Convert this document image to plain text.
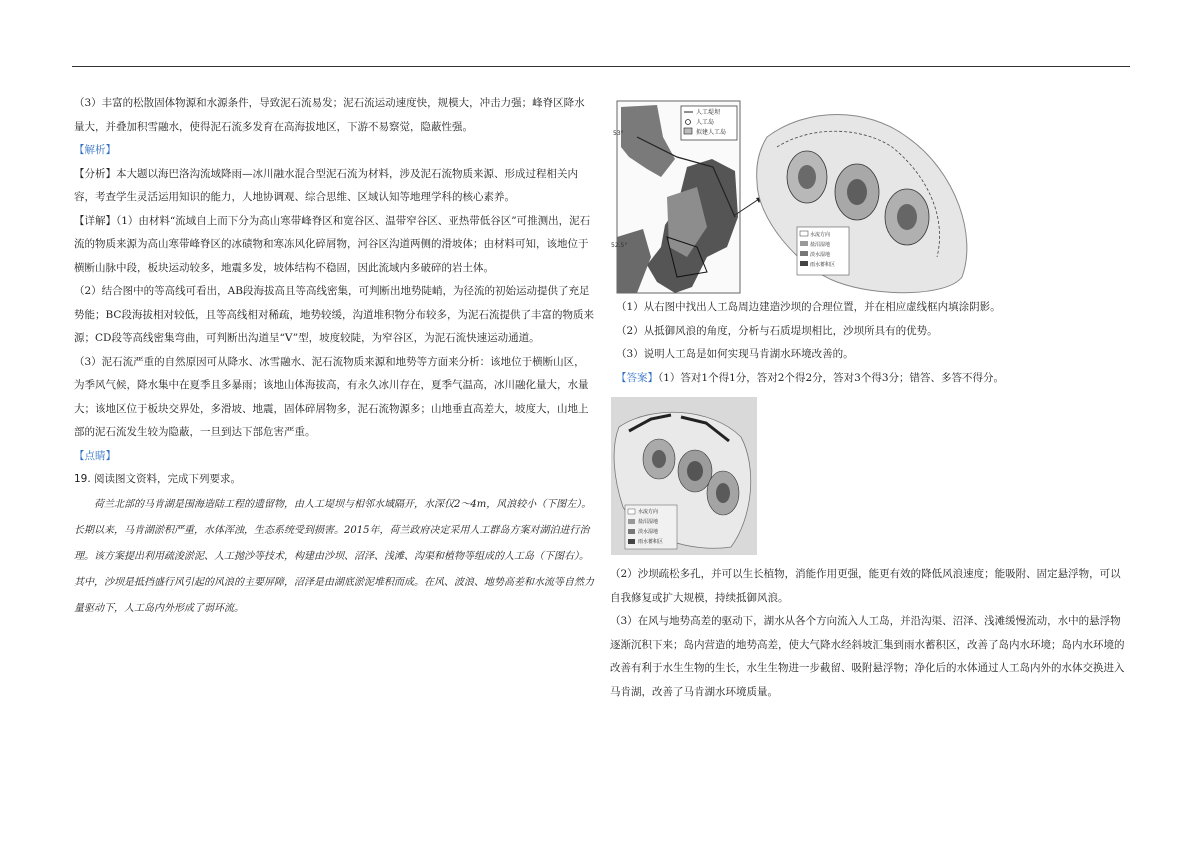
（3）丰富的松散固体物源和水源条件，导致泥石流易发；泥石流运动速度快，规模大，冲击力强；峰脊区降水量大，并叠加积雪融水，使得泥石流多发育在高海拔地区，下游不易察觉，隐蔽性强。

【解析】

【分析】本大题以海巴洛沟流域降雨—冰川融水混合型泥石流为材料，涉及泥石流物质来源、形成过程相关内容，考查学生灵活运用知识的能力，人地协调观、综合思维、区域认知等地理学科的核心素养。

【详解】（1）由材料“流域自上而下分为高山寒带峰脊区和宽谷区、温带窄谷区、亚热带低谷区”可推测出，泥石流的物质来源为高山寒带峰脊区的冰碛物和寒冻风化碎屑物，河谷区沟道两侧的滑坡体；由材料可知，该地位于横断山脉中段，板块运动较多，地震多发，坡体结构不稳固，因此流域内多破碎的岩土体。

（2）结合图中的等高线可看出，AB段海拔高且等高线密集，可判断出地势陡峭，为径流的初始运动提供了充足势能；BC段海拔相对较低，且等高线相对稀疏，地势较缓，沟道堆积物分布较多，为泥石流提供了丰富的物质来源；CD段等高线密集弯曲，可判断出沟道呈“V”型，坡度较陡，为窄谷区，为泥石流快速运动通道。

（3）泥石流严重的自然原因可从降水、冰雪融水、泥石流物质来源和地势等方面来分析：该地位于横断山区，为季风气候，降水集中在夏季且多暴雨；该地山体海拔高，有永久冰川存在，夏季气温高，冰川融化量大，水量大；该地区位于板块交界处，多滑坡、地震，固体碎屑物多，泥石流物源多；山地垂直高差大，坡度大，山地上部的泥石流发生较为隐蔽，一旦到达下部危害严重。

【点睛】

19. 阅读图文资料，完成下列要求。

荷兰北部的马肯湖是围海造陆工程的遗留物，由人工堤坝与相邻水域隔开，水深仅2～4m，风浪较小（下图左）。长期以来，马肯湖淤积严重，水体浑浊，生态系统受到损害。2015年，荷兰政府决定采用人工群岛方案对湖泊进行治理。该方案提出利用疏浚淤泥、人工抛沙等技术，构建由沙坝、沼泽、浅滩、沟渠和植物等组成的人工岛（下图右）。其中，沙坝是抵挡盛行风引起的风浪的主要屏障，沼泽是由湖底淤泥堆积而成。在风、波浪、地势高差和水流等自然力量驱动下，人工岛内外形成了弱环流。

人工堤坝
人工岛
拟建人工岛
53°
52.5°
水流方向
盐沼湿地
淡水湿地
雨水蓄积区

（1）从右图中找出人工岛周边建造沙坝的合理位置，并在相应虚线框内填涂阴影。

（2）从抵御风浪的角度，分析与石质堤坝相比，沙坝所具有的优势。

（3）说明人工岛是如何实现马肯湖水环境改善的。

【答案】（1）答对1个得1分，答对2个得2分，答对3个得3分；错答、多答不得分。

水流方向
盐沼湿地
淡水湿地
雨水蓄积区

（2）沙坝疏松多孔，并可以生长植物，消能作用更强，能更有效的降低风浪速度；能吸附、固定悬浮物，可以自我修复或扩大规模，持续抵御风浪。

（3）在风与地势高差的驱动下，湖水从各个方向流入人工岛，并沿沟渠、沼泽、浅滩缓慢流动，水中的悬浮物逐渐沉积下来；岛内营造的地势高差，使大气降水经斜坡汇集到雨水蓄积区，改善了岛内水环境；岛内水环境的改善有利于水生生物的生长，水生生物进一步截留、吸附悬浮物；净化后的水体通过人工岛内外的水体交换进入马肯湖，改善了马肯湖水环境质量。
